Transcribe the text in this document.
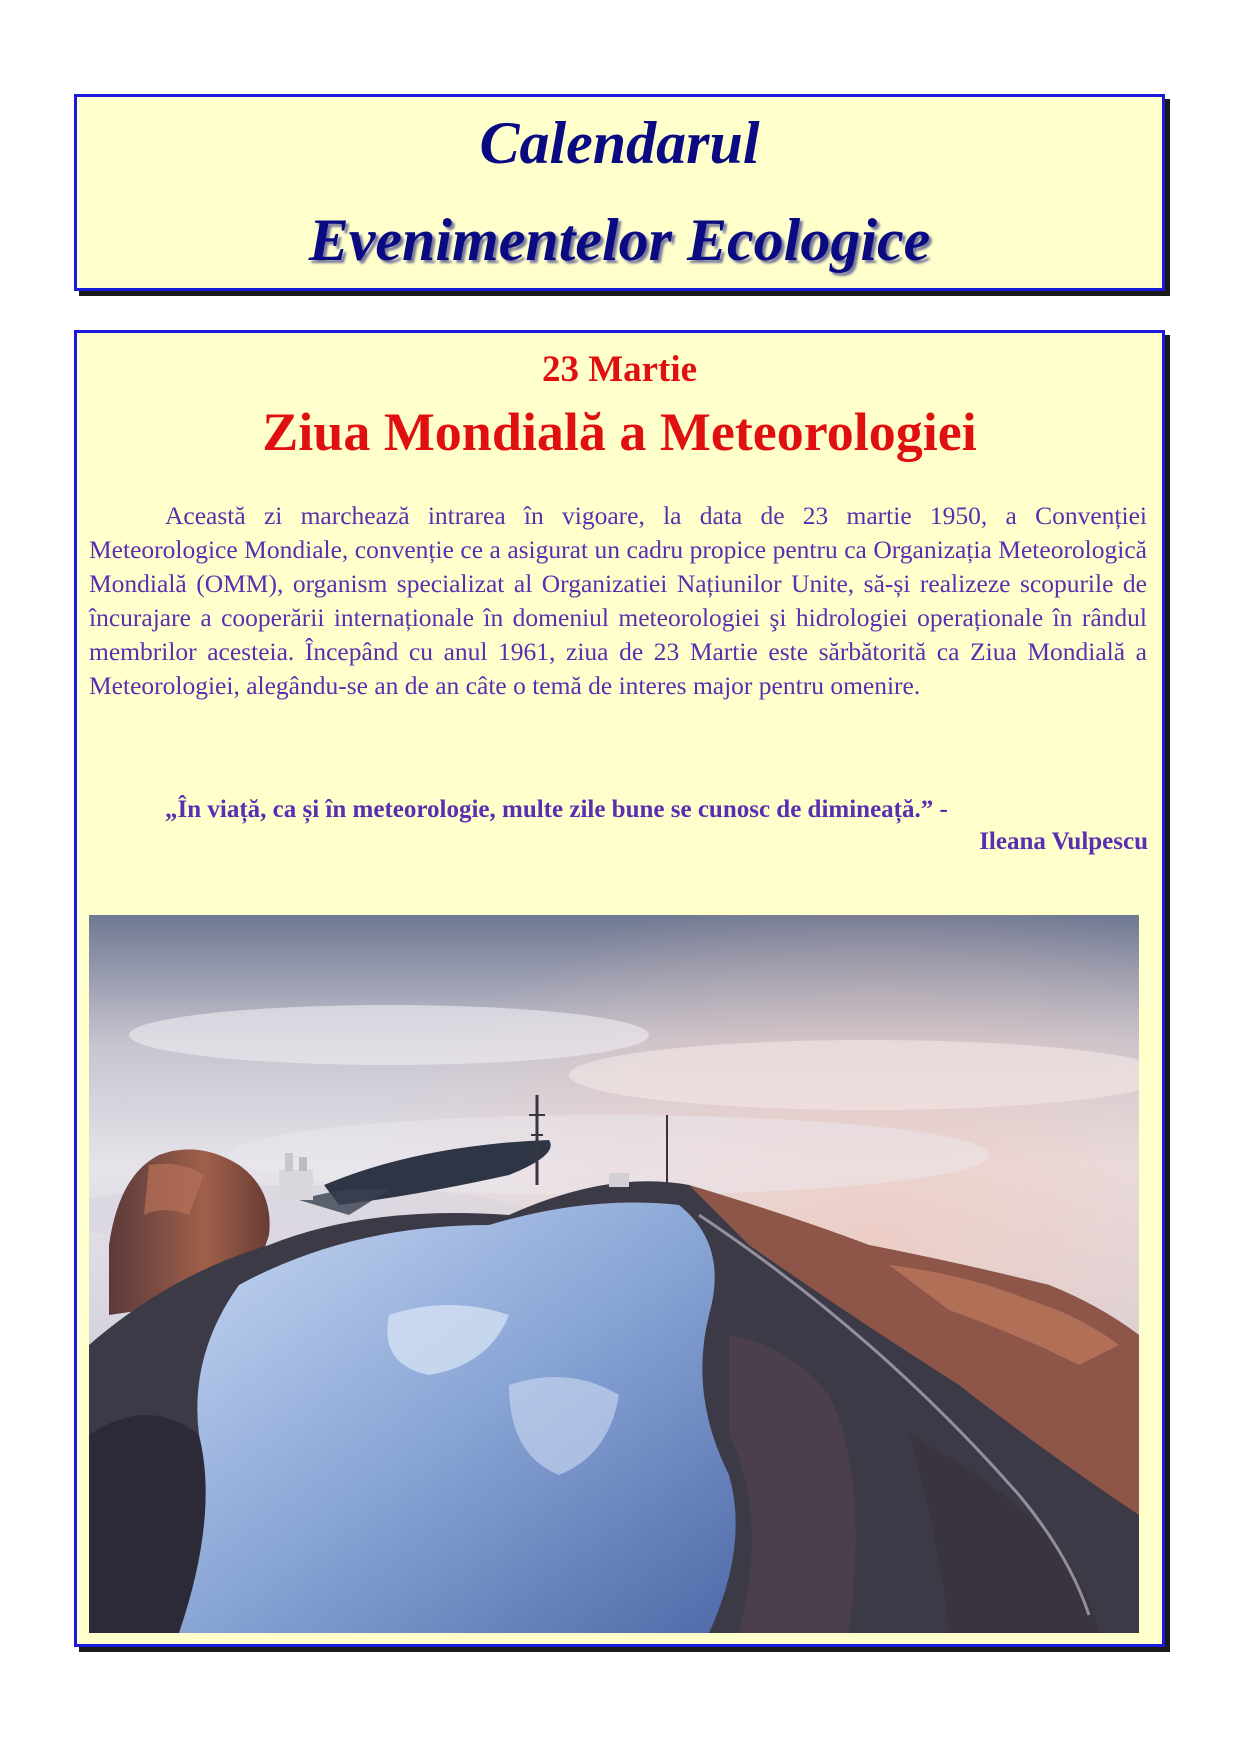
Calendarul
Evenimentelor Ecologice
23 Martie
Ziua Mondială a Meteorologiei

Această zi marchează intrarea în vigoare, la data de 23 martie 1950, a Convenției Meteorologice Mondiale, convenție ce a asigurat un cadru propice pentru ca Organizația Meteorologică Mondială (OMM), organism specializat al Organizatiei Națiunilor Unite, să-și realizeze scopurile de încurajare a cooperării internaționale în domeniul meteorologiei şi hidrologiei operaționale în rândul membrilor acesteia. Începând cu anul 1961, ziua de 23 Martie este sărbătorită ca Ziua Mondială a Meteorologiei, alegându-se an de an câte o temă de interes major pentru omenire.

„În viață, ca și în meteorologie, multe zile bune se cunosc de dimineață.” -
Ileana Vulpescu
